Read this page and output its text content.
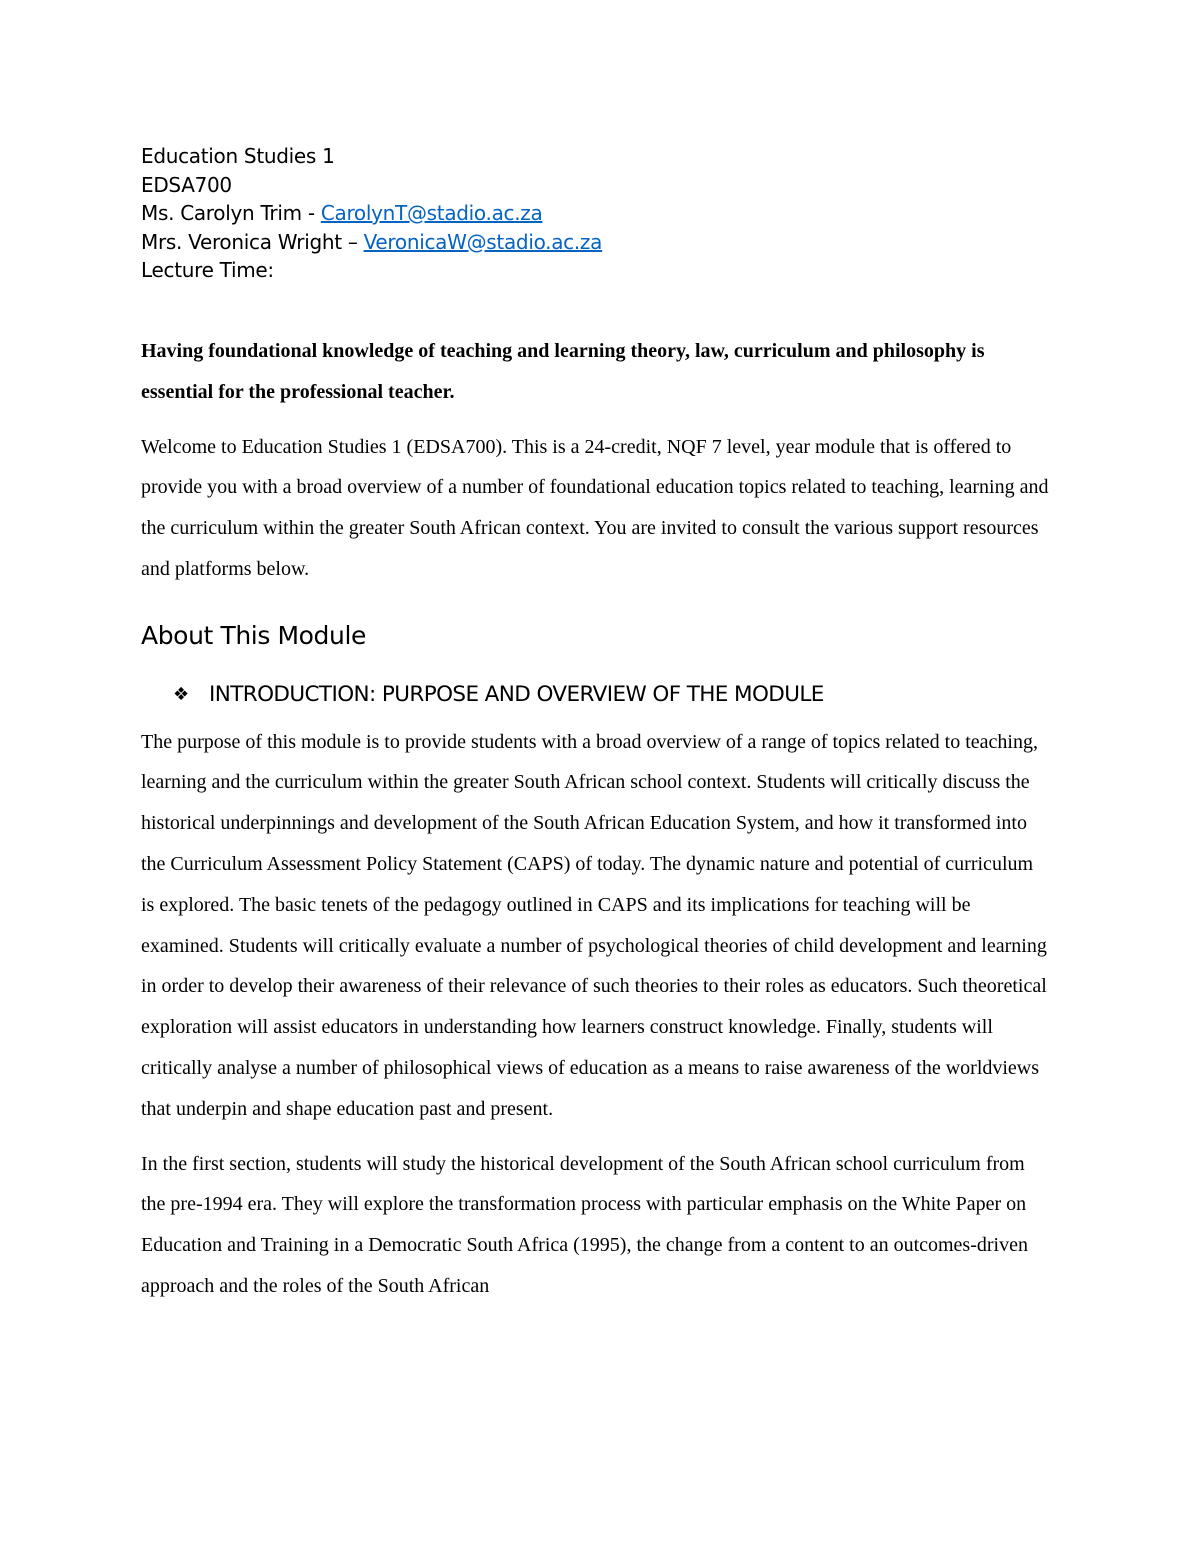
Education Studies 1
EDSA700
Ms. Carolyn Trim - CarolynT@stadio.ac.za
Mrs. Veronica Wright – VeronicaW@stadio.ac.za
Lecture Time:

Having foundational knowledge of teaching and learning theory, law, curriculum and philosophy is essential for the professional teacher.

Welcome to Education Studies 1 (EDSA700). This is a 24-credit, NQF 7 level, year module that is offered to provide you with a broad overview of a number of foundational education topics related to teaching, learning and the curriculum within the greater South African context. You are invited to consult the various support resources and platforms below.

About This Module
❖ INTRODUCTION: PURPOSE AND OVERVIEW OF THE MODULE

The purpose of this module is to provide students with a broad overview of a range of topics related to teaching, learning and the curriculum within the greater South African school context. Students will critically discuss the historical underpinnings and development of the South African Education System, and how it transformed into the Curriculum Assessment Policy Statement (CAPS) of today. The dynamic nature and potential of curriculum is explored. The basic tenets of the pedagogy outlined in CAPS and its implications for teaching will be examined. Students will critically evaluate a number of psychological theories of child development and learning in order to develop their awareness of their relevance of such theories to their roles as educators. Such theoretical exploration will assist educators in understanding how learners construct knowledge. Finally, students will critically analyse a number of philosophical views of education as a means to raise awareness of the worldviews that underpin and shape education past and present.

In the first section, students will study the historical development of the South African school curriculum from the pre-1994 era. They will explore the transformation process with particular emphasis on the White Paper on Education and Training in a Democratic South Africa (1995), the change from a content to an outcomes-driven approach and the roles of the South African
